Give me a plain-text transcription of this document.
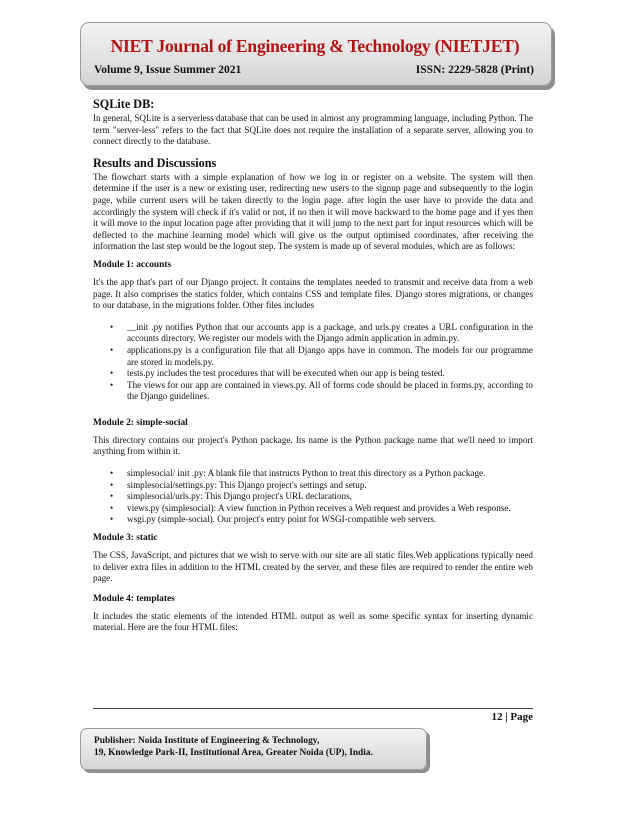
NIET Journal of Engineering & Technology (NIETJET)
Volume 9, Issue Summer 2021	ISSN: 2229-5828 (Print)
SQLite DB:

In general, SQLite is a serverless database that can be used in almost any programming language, including Python. The term "server-less" refers to the fact that SQLite does not require the installation of a separate server, allowing you to connect directly to the database.

Results and Discussions

The flowchart starts with a simple explanation of how we log in or register on a website. The system will then determine if the user is a new or existing user, redirecting new users to the signup page and subsequently to the login page, while current users will be taken directly to the login page. after login the user have to provide the data and accordingly the system will check if it's valid or not, if no then it will move backward to the home page and if yes then it will move to the input location page after providing that it will jump to the next part for input resources which will be deflected to the machine learning model which will give us the output optimised coordinates, after receiving the information the last step would be the logout step. The system is made up of several modules, which are as follows:

Module 1: accounts

It's the app that's part of our Django project. It contains the templates needed to transmit and receive data from a web page. It also comprises the statics folder, which contains CSS and template files. Django stores migrations, or changes to our database, in the migrations folder. Other files includes

• __init .py notifies Python that our accounts app is a package, and urls.py creates a URL configuration in the accounts directory. We register our models with the Django admin application in admin.py.
• applications.py is a configuration file that all Django apps have in common. The models for our programme are stored in models.py.
• tests.py includes the test procedures that will be executed when our app is being tested.
• The views for our app are contained in views.py. All of forms code should be placed in forms.py, according to the Django guidelines.
Module 2: simple-social

This directory contains our project's Python package. Its name is the Python package name that we'll need to import anything from within it.

• simplesocial/ init .py: A blank file that instructs Python to treat this directory as a Python package.
• simplesocial/settings.py: This Django project's settings and setup.
• simplesocial/urls.py: This Django project's URL declarations,
• views.py (simplesocial): A view function in Python receives a Web request and provides a Web response.
• wsgi.py (simple-social). Our project's entry point for WSGI-compatible web servers.
Module 3: static

The CSS, JavaScript, and pictures that we wish to serve with our site are all static files.Web applications typically need to deliver extra files in addition to the HTML created by the server, and these files are required to render the entire web page.

Module 4: templates

It includes the static elements of the intended HTML output as well as some specific syntax for inserting dynamic material. Here are the four HTML files:

12 | Page
Publisher: Noida Institute of Engineering & Technology,
19, Knowledge Park-II, Institutional Area, Greater Noida (UP), India.
